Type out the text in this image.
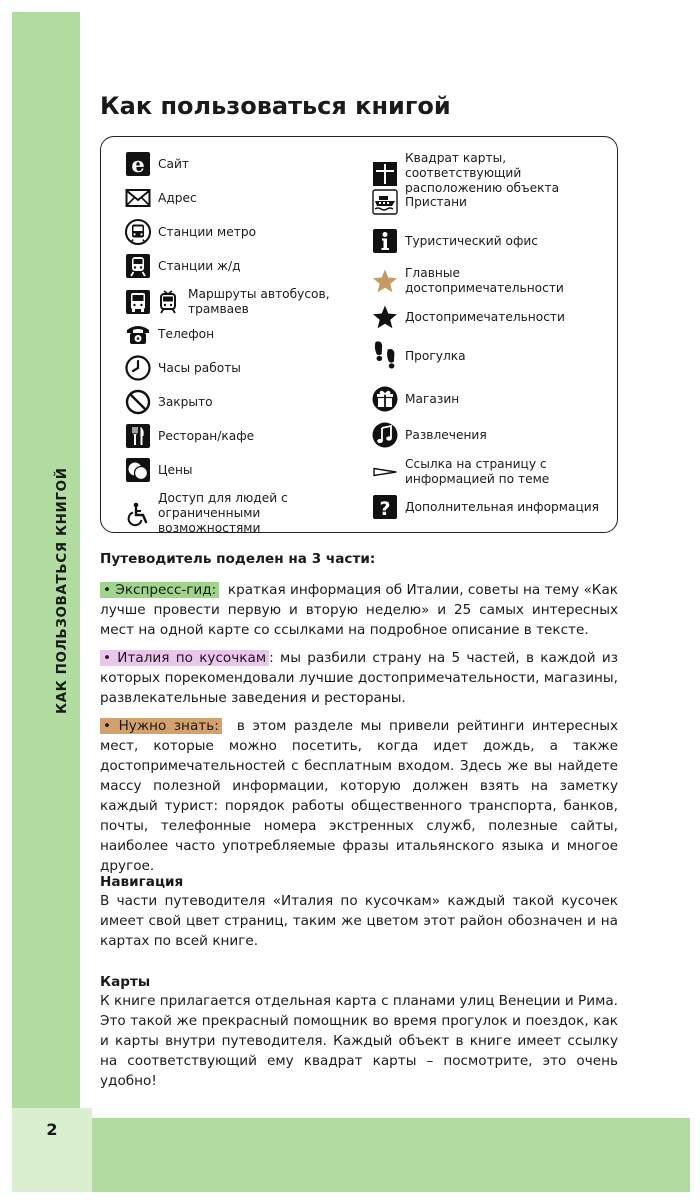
КАК ПОЛЬЗОВАТЬСЯ КНИГОЙ
2
Как пользоваться книгой
e Сайт
Адрес
Станции метро
Станции ж/д
Маршруты автобусов, трамваев
Телефон
Часы работы
Закрыто
Ресторан/кафе
Цены
Доступ для людей с ограниченными возможностями
Квадрат карты, соответствующий расположению объекта
Пристани
Туристический офис
Главные достопримечательности
Достопримечательности
Прогулка
Магазин
Развлечения
Ссылка на страницу с информацией по теме
? Дополнительная информация
Путеводитель поделен на 3 части:
• Экспресс-гид: краткая информация об Италии, советы на тему «Как лучше провести первую и вторую неделю» и 25 самых интересных мест на одной карте со ссылками на подробное описание в тексте.
• Италия по кусочкам : мы разбили страну на 5 частей, в каждой из которых порекомендовали лучшие достопримечательности, магазины, развлекательные заведения и рестораны.
• Нужно знать: в этом разделе мы привели рейтинги интересных мест, которые можно посетить, когда идет дождь, а также достопримечательностей с бесплатным входом. Здесь же вы найдете массу полезной информации, которую должен взять на заметку каждый турист: порядок работы общественного транспорта, банков, почты, телефонные номера экстренных служб, полезные сайты, наиболее часто употребляемые фразы итальянского языка и многое другое.
Навигация
В части путеводителя «Италия по кусочкам» каждый такой кусочек имеет свой цвет страниц, таким же цветом этот район обозначен и на картах по всей книге.
Карты
К книге прилагается отдельная карта с планами улиц Венеции и Рима. Это такой же прекрасный помощник во время прогулок и поездок, как и карты внутри путеводителя. Каждый объект в книге имеет ссылку на соответствующий ему квадрат карты – посмотрите, это очень удобно!
